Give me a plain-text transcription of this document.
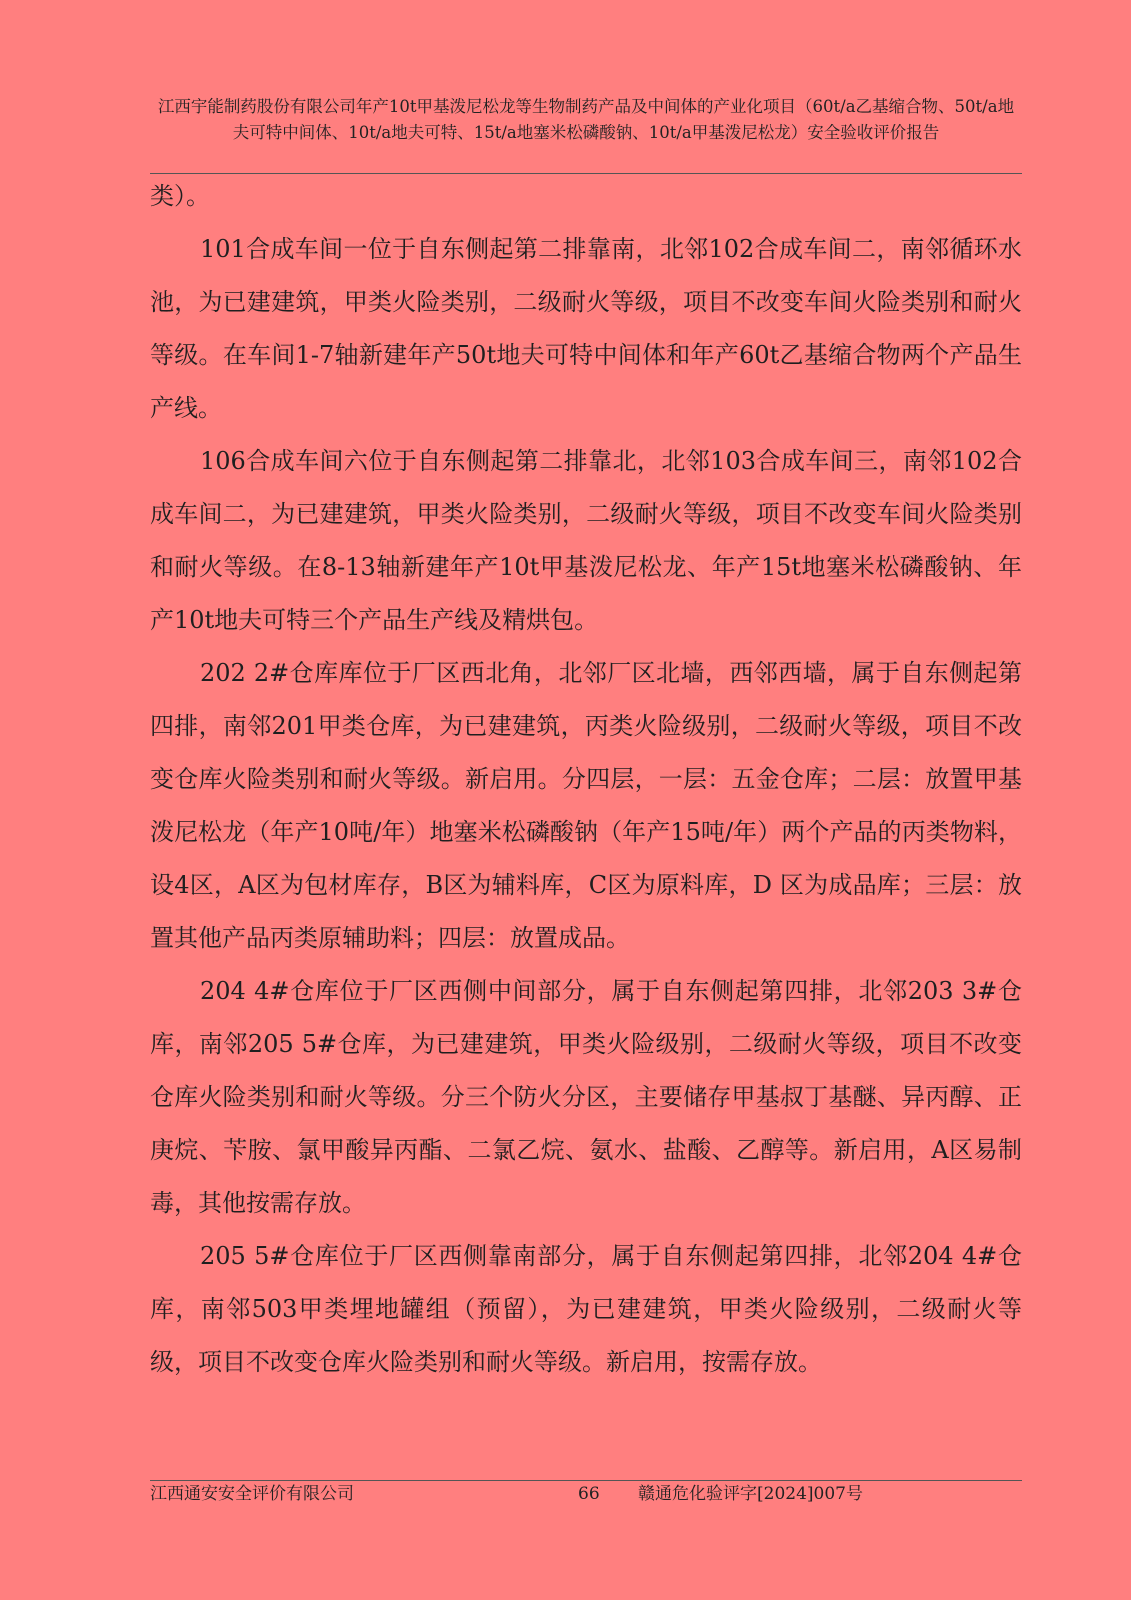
江西宇能制药股份有限公司年产10t甲基泼尼松龙等生物制药产品及中间体的产业化项目（60t/a乙基缩合物、50t/a地夫可特中间体、10t/a地夫可特、15t/a地塞米松磷酸钠、10t/a甲基泼尼松龙）安全验收评价报告

类）。

101合成车间一位于自东侧起第二排靠南，北邻102合成车间二，南邻循环水池，为已建建筑，甲类火险类别，二级耐火等级，项目不改变车间火险类别和耐火等级。在车间1-7轴新建年产50t地夫可特中间体和年产60t乙基缩合物两个产品生产线。

106合成车间六位于自东侧起第二排靠北，北邻103合成车间三，南邻102合成车间二，为已建建筑，甲类火险类别，二级耐火等级，项目不改变车间火险类别和耐火等级。在8-13轴新建年产10t甲基泼尼松龙、年产15t地塞米松磷酸钠、年产10t地夫可特三个产品生产线及精烘包。

202 2#仓库库位于厂区西北角，北邻厂区北墙，西邻西墙，属于自东侧起第四排，南邻201甲类仓库，为已建建筑，丙类火险级别，二级耐火等级，项目不改变仓库火险类别和耐火等级。新启用。分四层，一层：五金仓库；二层：放置甲基泼尼松龙（年产10吨/年）地塞米松磷酸钠（年产15吨/年）两个产品的丙类物料，设4区，A区为包材库存，B区为辅料库，C区为原料库，D 区为成品库；三层：放置其他产品丙类原辅助料；四层：放置成品。

204 4#仓库位于厂区西侧中间部分，属于自东侧起第四排，北邻203 3#仓库，南邻205 5#仓库，为已建建筑，甲类火险级别，二级耐火等级，项目不改变仓库火险类别和耐火等级。分三个防火分区，主要储存甲基叔丁基醚、异丙醇、正庚烷、苄胺、氯甲酸异丙酯、二氯乙烷、氨水、盐酸、乙醇等。新启用，A区易制毒，其他按需存放。

205 5#仓库位于厂区西侧靠南部分，属于自东侧起第四排，北邻204 4#仓库，南邻503甲类埋地罐组（预留），为已建建筑，甲类火险级别，二级耐火等级，项目不改变仓库火险类别和耐火等级。新启用，按需存放。

江西通安安全评价有限公司	66 赣通危化验评字[2024]007号
